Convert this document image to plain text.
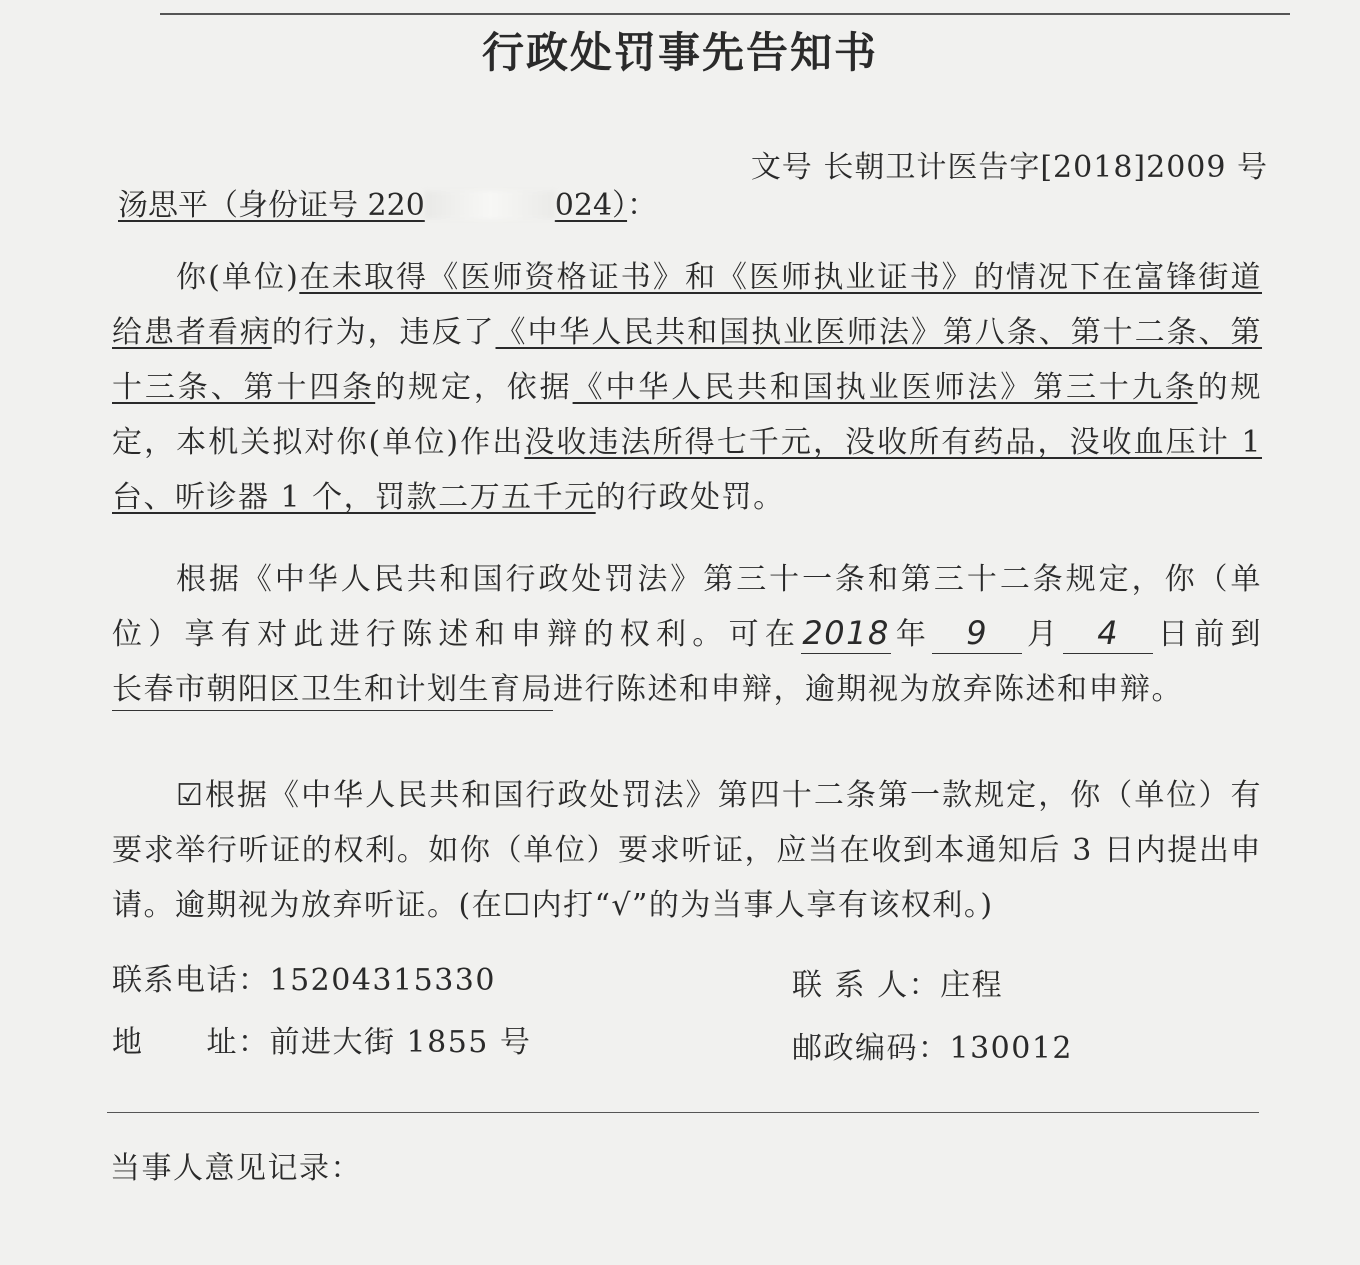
行政处罚事先告知书
文号 长朝卫计医告字[2018]2009 号
汤思平（身份证号 220	024）：
你(单位)在未取得《医师资格证书》和《医师执业证书》的情况下在富锋街道给患者看病的行为，违反了《中华人民共和国执业医师法》第八条、第十二条、第十三条、第十四条的规定，依据《中华人民共和国执业医师法》第三十九条的规定，本机关拟对你(单位)作出没收违法所得七千元，没收所有药品，没收血压计 1 台、听诊器 1 个，罚款二万五千元的行政处罚。
根据《中华人民共和国行政处罚法》第三十一条和第三十二条规定，你（单位）享有对此进行陈述和申辩的权利。可在2018年 9 月 4 日前到长春市朝阳区卫生和计划生育局进行陈述和申辩，逾期视为放弃陈述和申辩。
☑根据《中华人民共和国行政处罚法》第四十二条第一款规定，你（单位）有要求举行听证的权利。如你（单位）要求听证，应当在收到本通知后 3 日内提出申请。逾期视为放弃听证。(在☐内打“√”的为当事人享有该权利。)
联系电话：15204315330	联 系 人：庄程
地　　址：前进大街 1855 号	邮政编码：130012
当事人意见记录：
